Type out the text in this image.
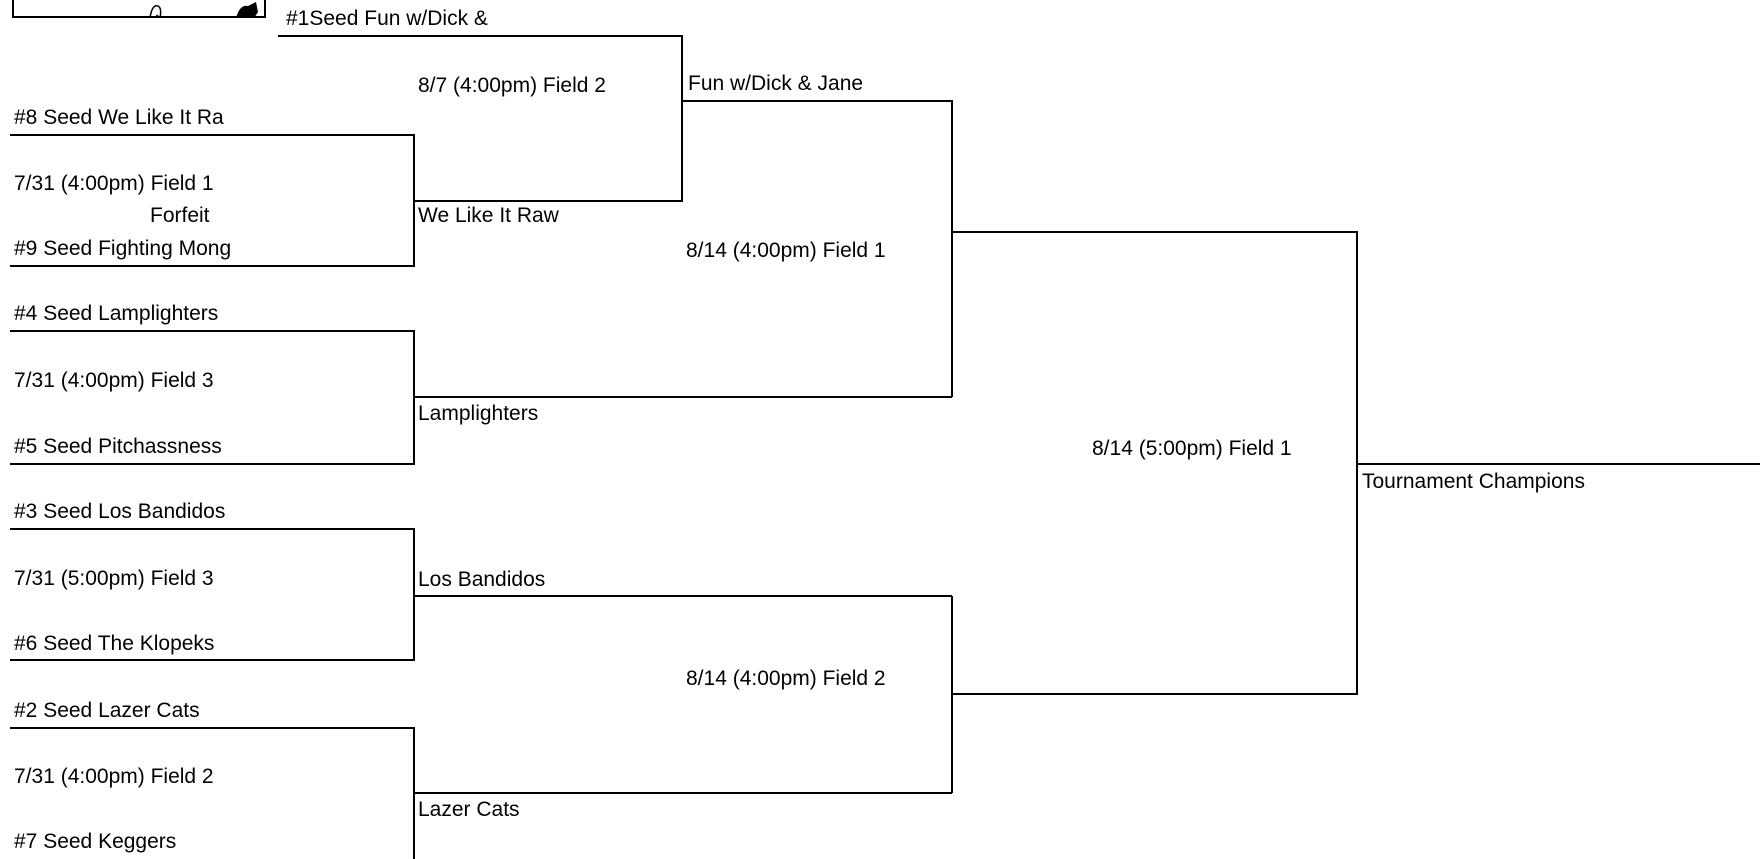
#1Seed Fun w/Dick &
#8 Seed We Like It Ra
#9 Seed Fighting Mong
#4 Seed Lamplighters
#5 Seed Pitchassness
#3 Seed Los Bandidos
#6 Seed The Klopeks
#2 Seed Lazer Cats
#7 Seed Keggers
7/31 (4:00pm) Field 1
Forfeit
7/31 (4:00pm) Field 3
7/31 (5:00pm) Field 3
7/31 (4:00pm) Field 2
8/7 (4:00pm) Field 2
8/14 (4:00pm) Field 1
8/14 (4:00pm) Field 2
8/14 (5:00pm) Field 1
We Like It Raw
Lamplighters
Los Bandidos
Lazer Cats
Fun w/Dick & Jane
Tournament Champions
